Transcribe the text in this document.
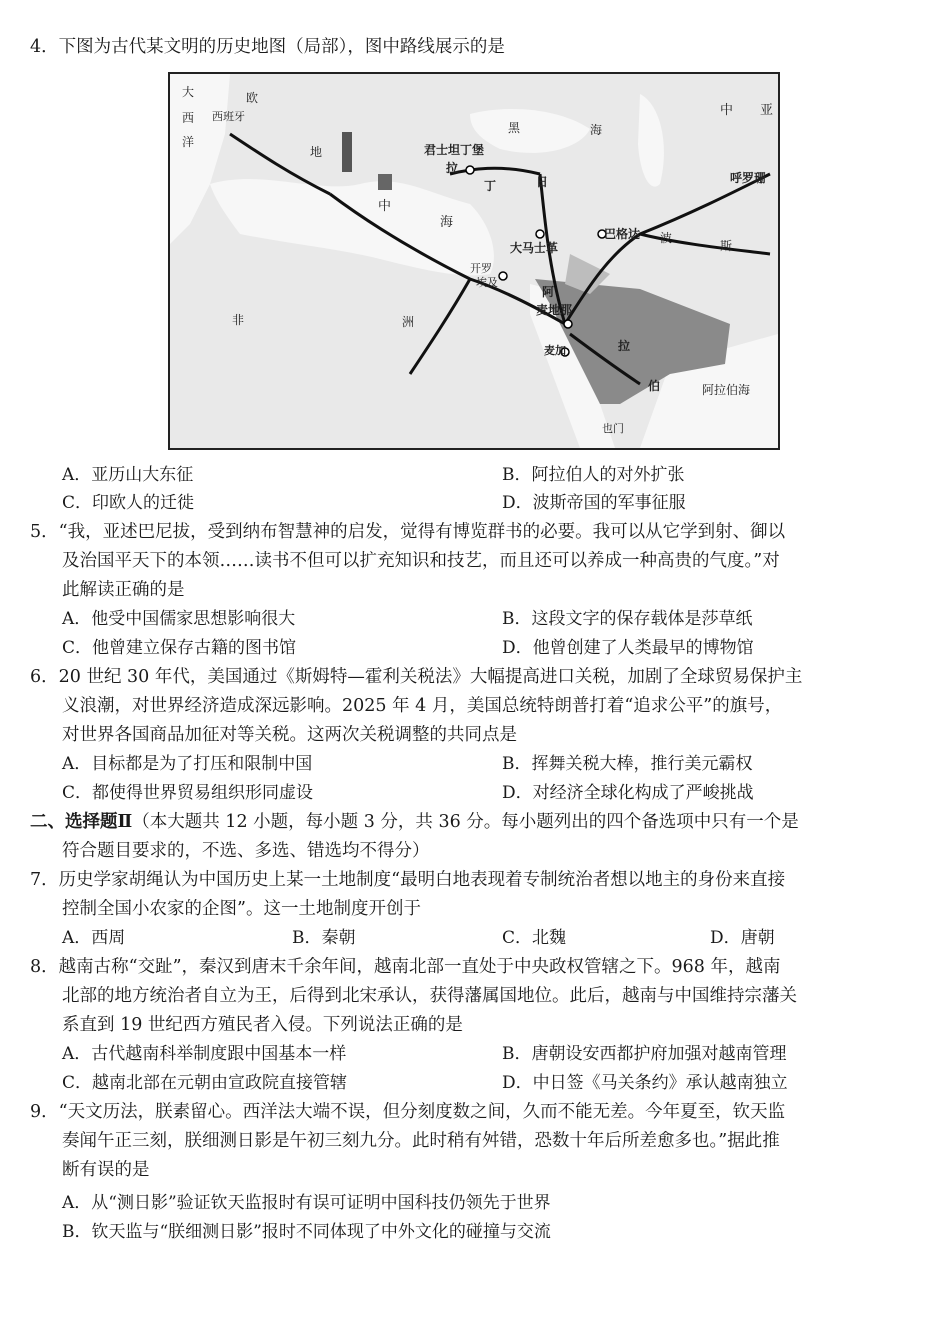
4．下图为古代某文明的历史地图（局部），图中路线展示的是
大
西
洋
欧
西班牙
地
中
海
君士坦丁堡
黑	海
拉
丁	日
大马士革
巴格达
开罗
埃及
阿
麦地那
麦加	拉
伯
波
斯
中 亚
呼罗珊
非	洲
阿拉伯海
也门
A．亚历山大东征	B．阿拉伯人的对外扩张
C．印欧人的迁徙	D．波斯帝国的军事征服
5．“我，亚述巴尼拔，受到纳布智慧神的启发，觉得有博览群书的必要。我可以从它学到射、御以
及治国平天下的本领……读书不但可以扩充知识和技艺，而且还可以养成一种高贵的气度。”对
此解读正确的是
A．他受中国儒家思想影响很大	B．这段文字的保存载体是莎草纸
C．他曾建立保存古籍的图书馆	D．他曾创建了人类最早的博物馆
6．20 世纪 30 年代，美国通过《斯姆特—霍利关税法》大幅提高进口关税，加剧了全球贸易保护主
义浪潮，对世界经济造成深远影响。2025 年 4 月，美国总统特朗普打着“追求公平”的旗号，
对世界各国商品加征对等关税。这两次关税调整的共同点是
A．目标都是为了打压和限制中国	B．挥舞关税大棒，推行美元霸权
C．都使得世界贸易组织形同虚设	D．对经济全球化构成了严峻挑战
二、选择题Ⅱ（本大题共 12 小题，每小题 3 分，共 36 分。每小题列出的四个备选项中只有一个是
符合题目要求的，不选、多选、错选均不得分）
7．历史学家胡绳认为中国历史上某一土地制度“最明白地表现着专制统治者想以地主的身份来直接
控制全国小农家的企图”。这一土地制度开创于
A．西周	B．秦朝	C．北魏	D．唐朝
8．越南古称“交趾”，秦汉到唐末千余年间，越南北部一直处于中央政权管辖之下。968 年，越南
北部的地方统治者自立为王，后得到北宋承认，获得藩属国地位。此后，越南与中国维持宗藩关
系直到 19 世纪西方殖民者入侵。下列说法正确的是
A．古代越南科举制度跟中国基本一样	B．唐朝设安西都护府加强对越南管理
C．越南北部在元朝由宣政院直接管辖	D．中日签《马关条约》承认越南独立
9．“天文历法，朕素留心。西洋法大端不误，但分刻度数之间，久而不能无差。今年夏至，钦天监
奏闻午正三刻，朕细测日影是午初三刻九分。此时稍有舛错，恐数十年后所差愈多也。”据此推
断有误的是
A．从“测日影”验证钦天监报时有误可证明中国科技仍领先于世界
B．钦天监与“朕细测日影”报时不同体现了中外文化的碰撞与交流
